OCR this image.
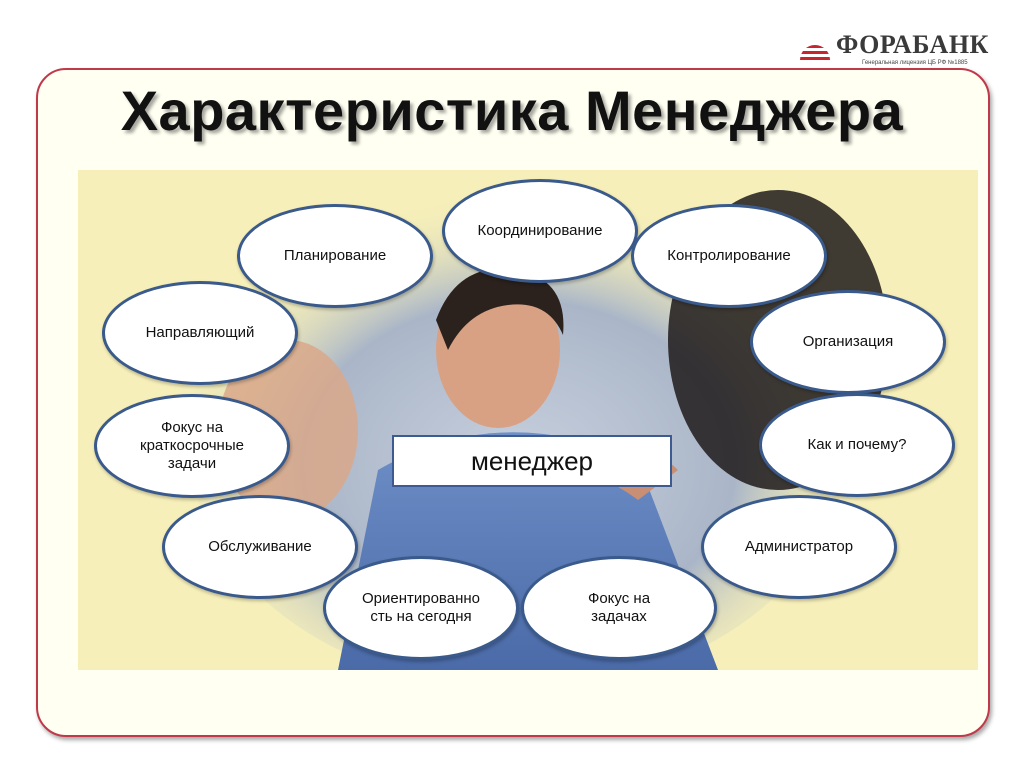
ФОРАБАНК
Генеральная лицензия ЦБ РФ №1885
Характеристика Менеджера
менеджер
Координирование
Планирование	Контролирование
Направляющий
Организация
Фокус на
краткосрочные
задачи
Как и почему?
Обслуживание	Администратор
Ориентированно
сть на сегодня
Фокус на
задачах
